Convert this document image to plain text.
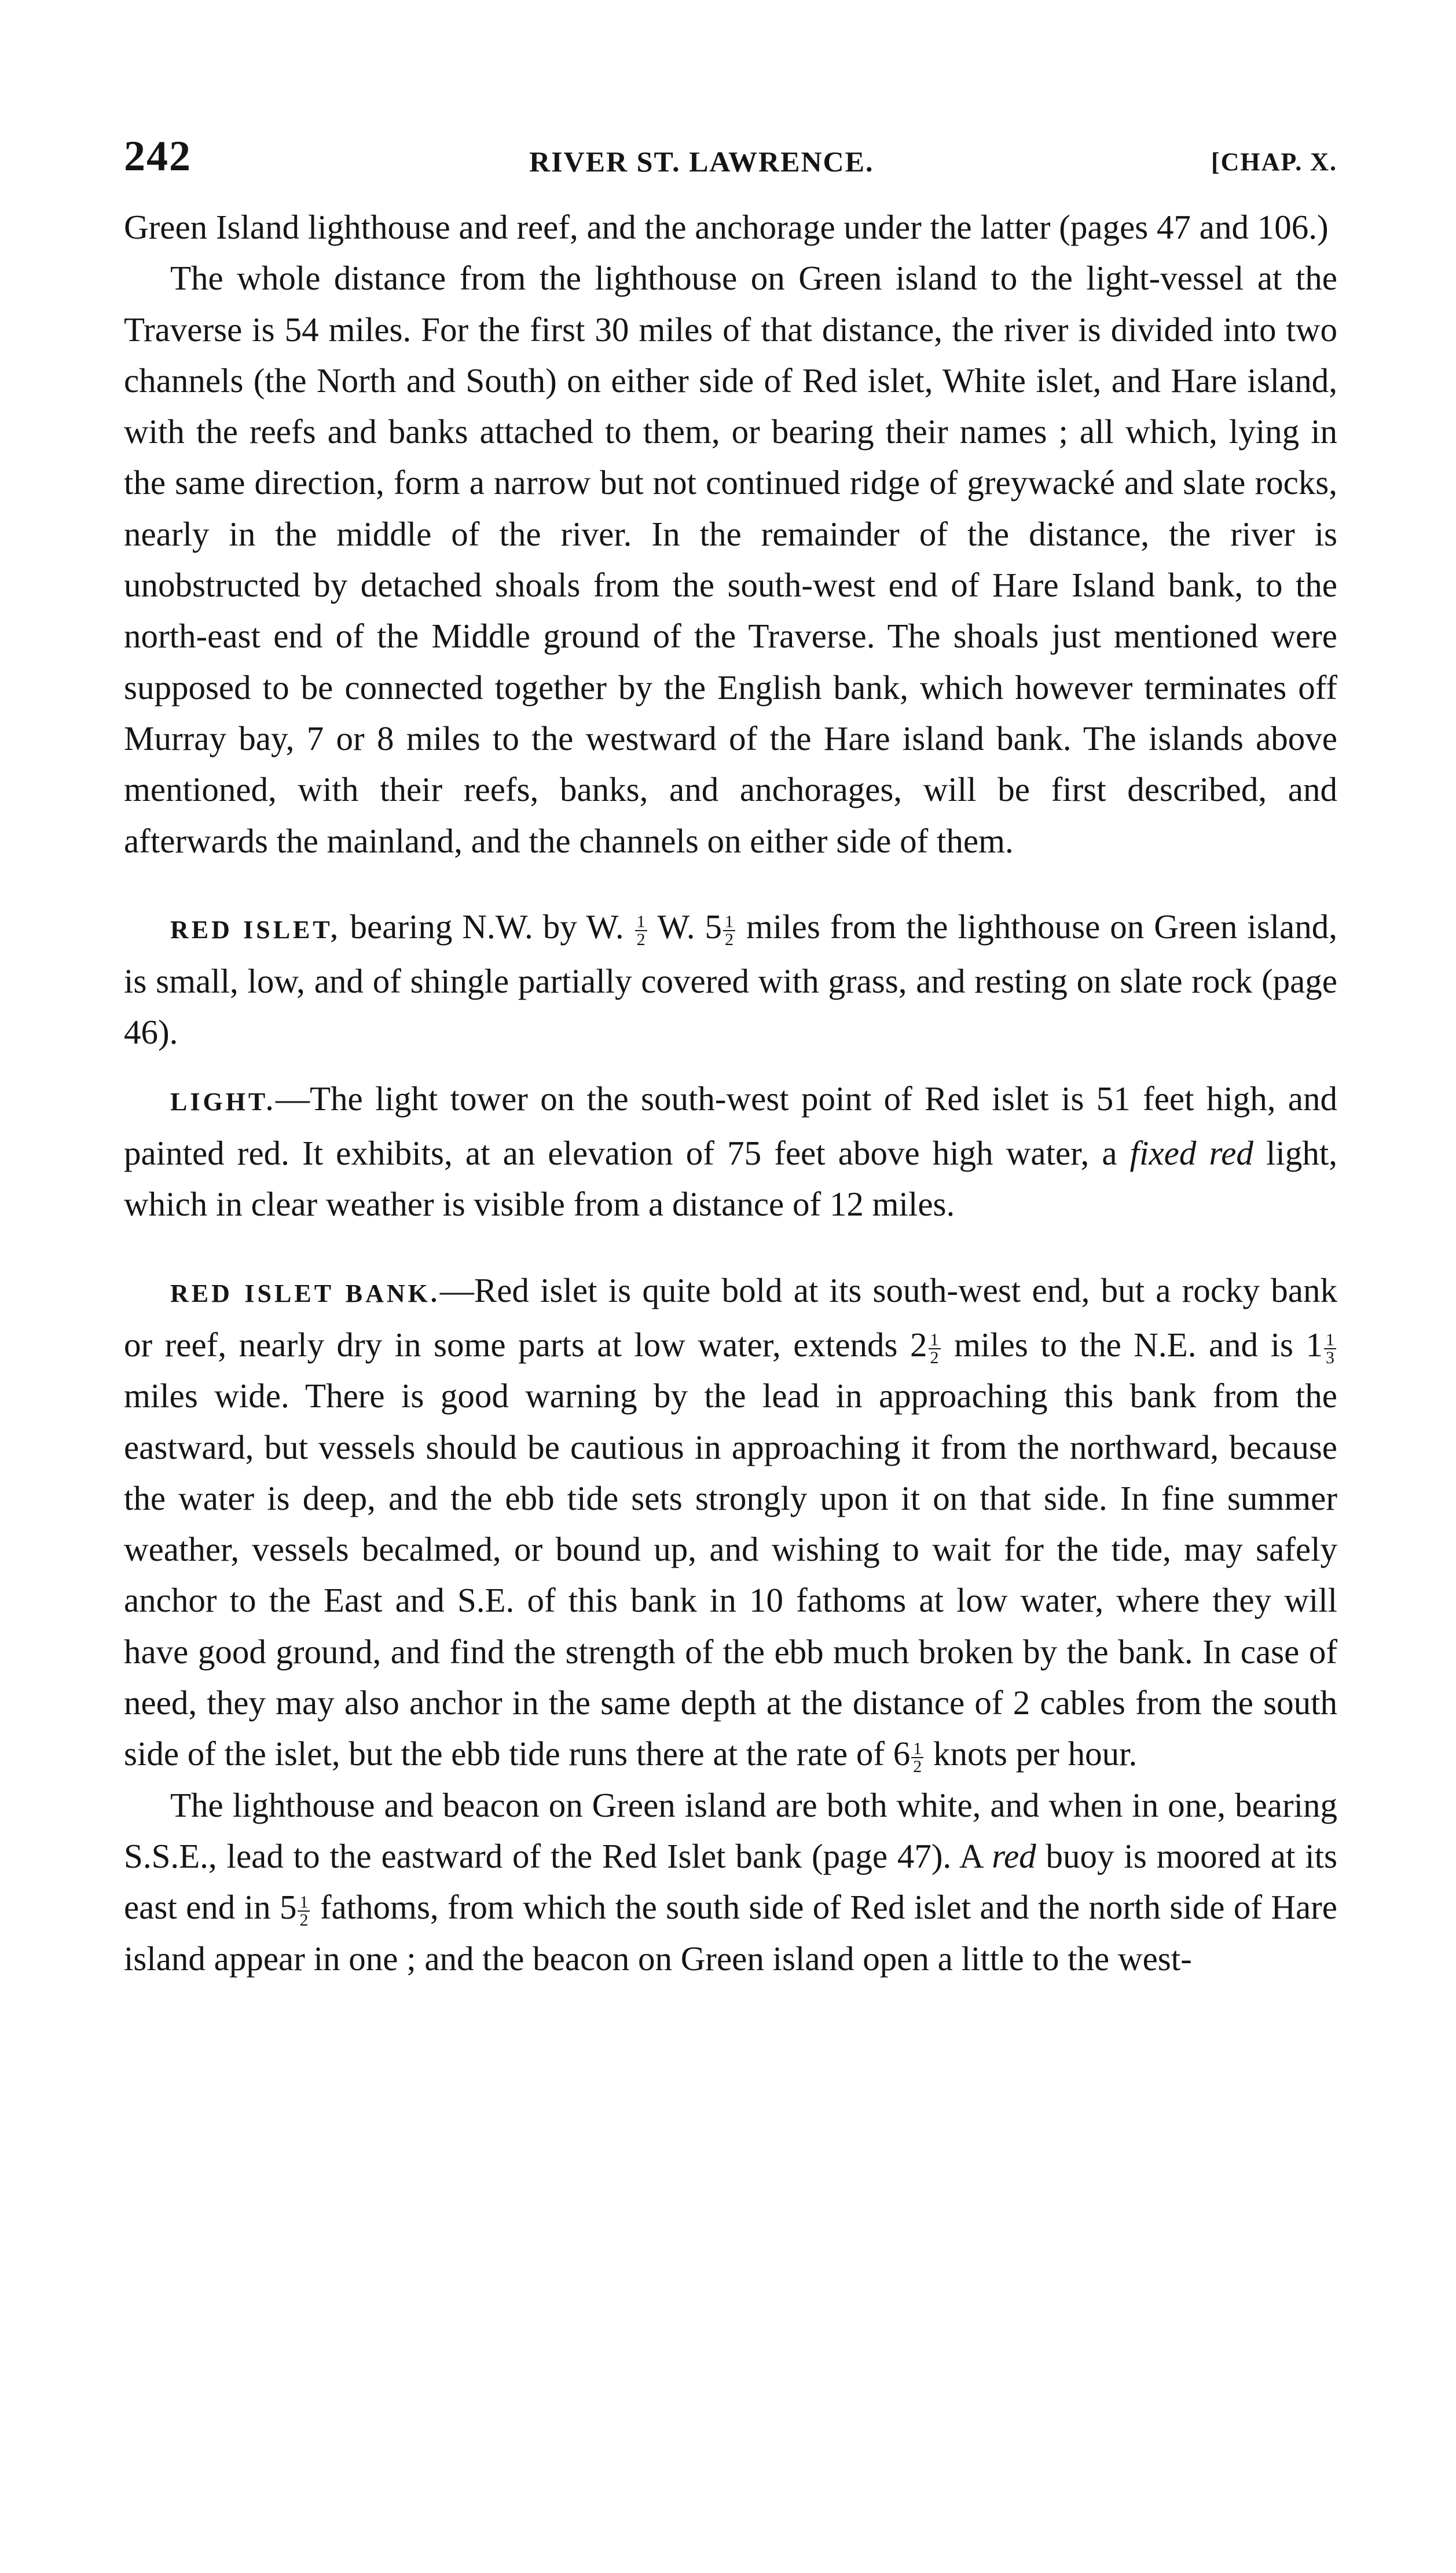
242	RIVER ST. LAWRENCE.	[CHAP. X.

Green Island lighthouse and reef, and the anchorage under the latter (pages 47 and 106.)

The whole distance from the lighthouse on Green island to the light-vessel at the Traverse is 54 miles. For the first 30 miles of that distance, the river is divided into two channels (the North and South) on either side of Red islet, White islet, and Hare island, with the reefs and banks attached to them, or bearing their names ; all which, lying in the same direction, form a narrow but not continued ridge of greywacké and slate rocks, nearly in the middle of the river. In the remainder of the distance, the river is unobstructed by detached shoals from the south-west end of Hare Island bank, to the north-east end of the Middle ground of the Traverse. The shoals just mentioned were supposed to be connected together by the English bank, which however terminates off Murray bay, 7 or 8 miles to the westward of the Hare island bank. The islands above mentioned, with their reefs, banks, and anchorages, will be first described, and afterwards the mainland, and the channels on either side of them.

RED ISLET, bearing N.W. by W. $\frac{1}{2} W$. $5 \frac{1}{2}$ miles from the lighthouse on Green island, is small, low, and of shingle partially covered with grass, and resting on slate rock (page 46).

LIGHT.—The light tower on the south-west point of Red islet is 51 feet high, and painted red. It exhibits, at an elevation of 75 feet above high water, a fixed red light, which in clear weather is visible from a distance of 12 miles.

RED ISLET BANK.—Red islet is quite bold at its south-west end, but a rocky bank or reef, nearly dry in some parts at low water, extends $2 \frac{1}{2}$ miles to the N.E. and is $1 \frac{1}{3}$
miles wide. There is good warning by the lead in approaching this bank from the eastward, but vessels should be cautious in approaching it from the northward, because the water is deep, and the ebb tide sets strongly upon it on that side. In fine summer weather, vessels becalmed, or bound up, and wishing to wait for the tide, may safely anchor to the East and S.E. of this bank in 10 fathoms at low water, where they will have good ground, and find the strength of the ebb much broken by the bank. In case of need, they may also anchor in the same depth at the distance of 2 cables from the south side of the islet, but the ebb tide runs there at the rate of $6 \frac{1}{2}$ knots per hour.

The lighthouse and beacon on Green island are both white, and when in one, bearing S.S.E., lead to the eastward of the Red Islet bank (page 47). A red buoy is moored at its east end in $5 \frac{1}{2}$ fathoms, from which the south side of Red islet and the north side of Hare island appear in one ; and the beacon on Green island open a little to the west-
